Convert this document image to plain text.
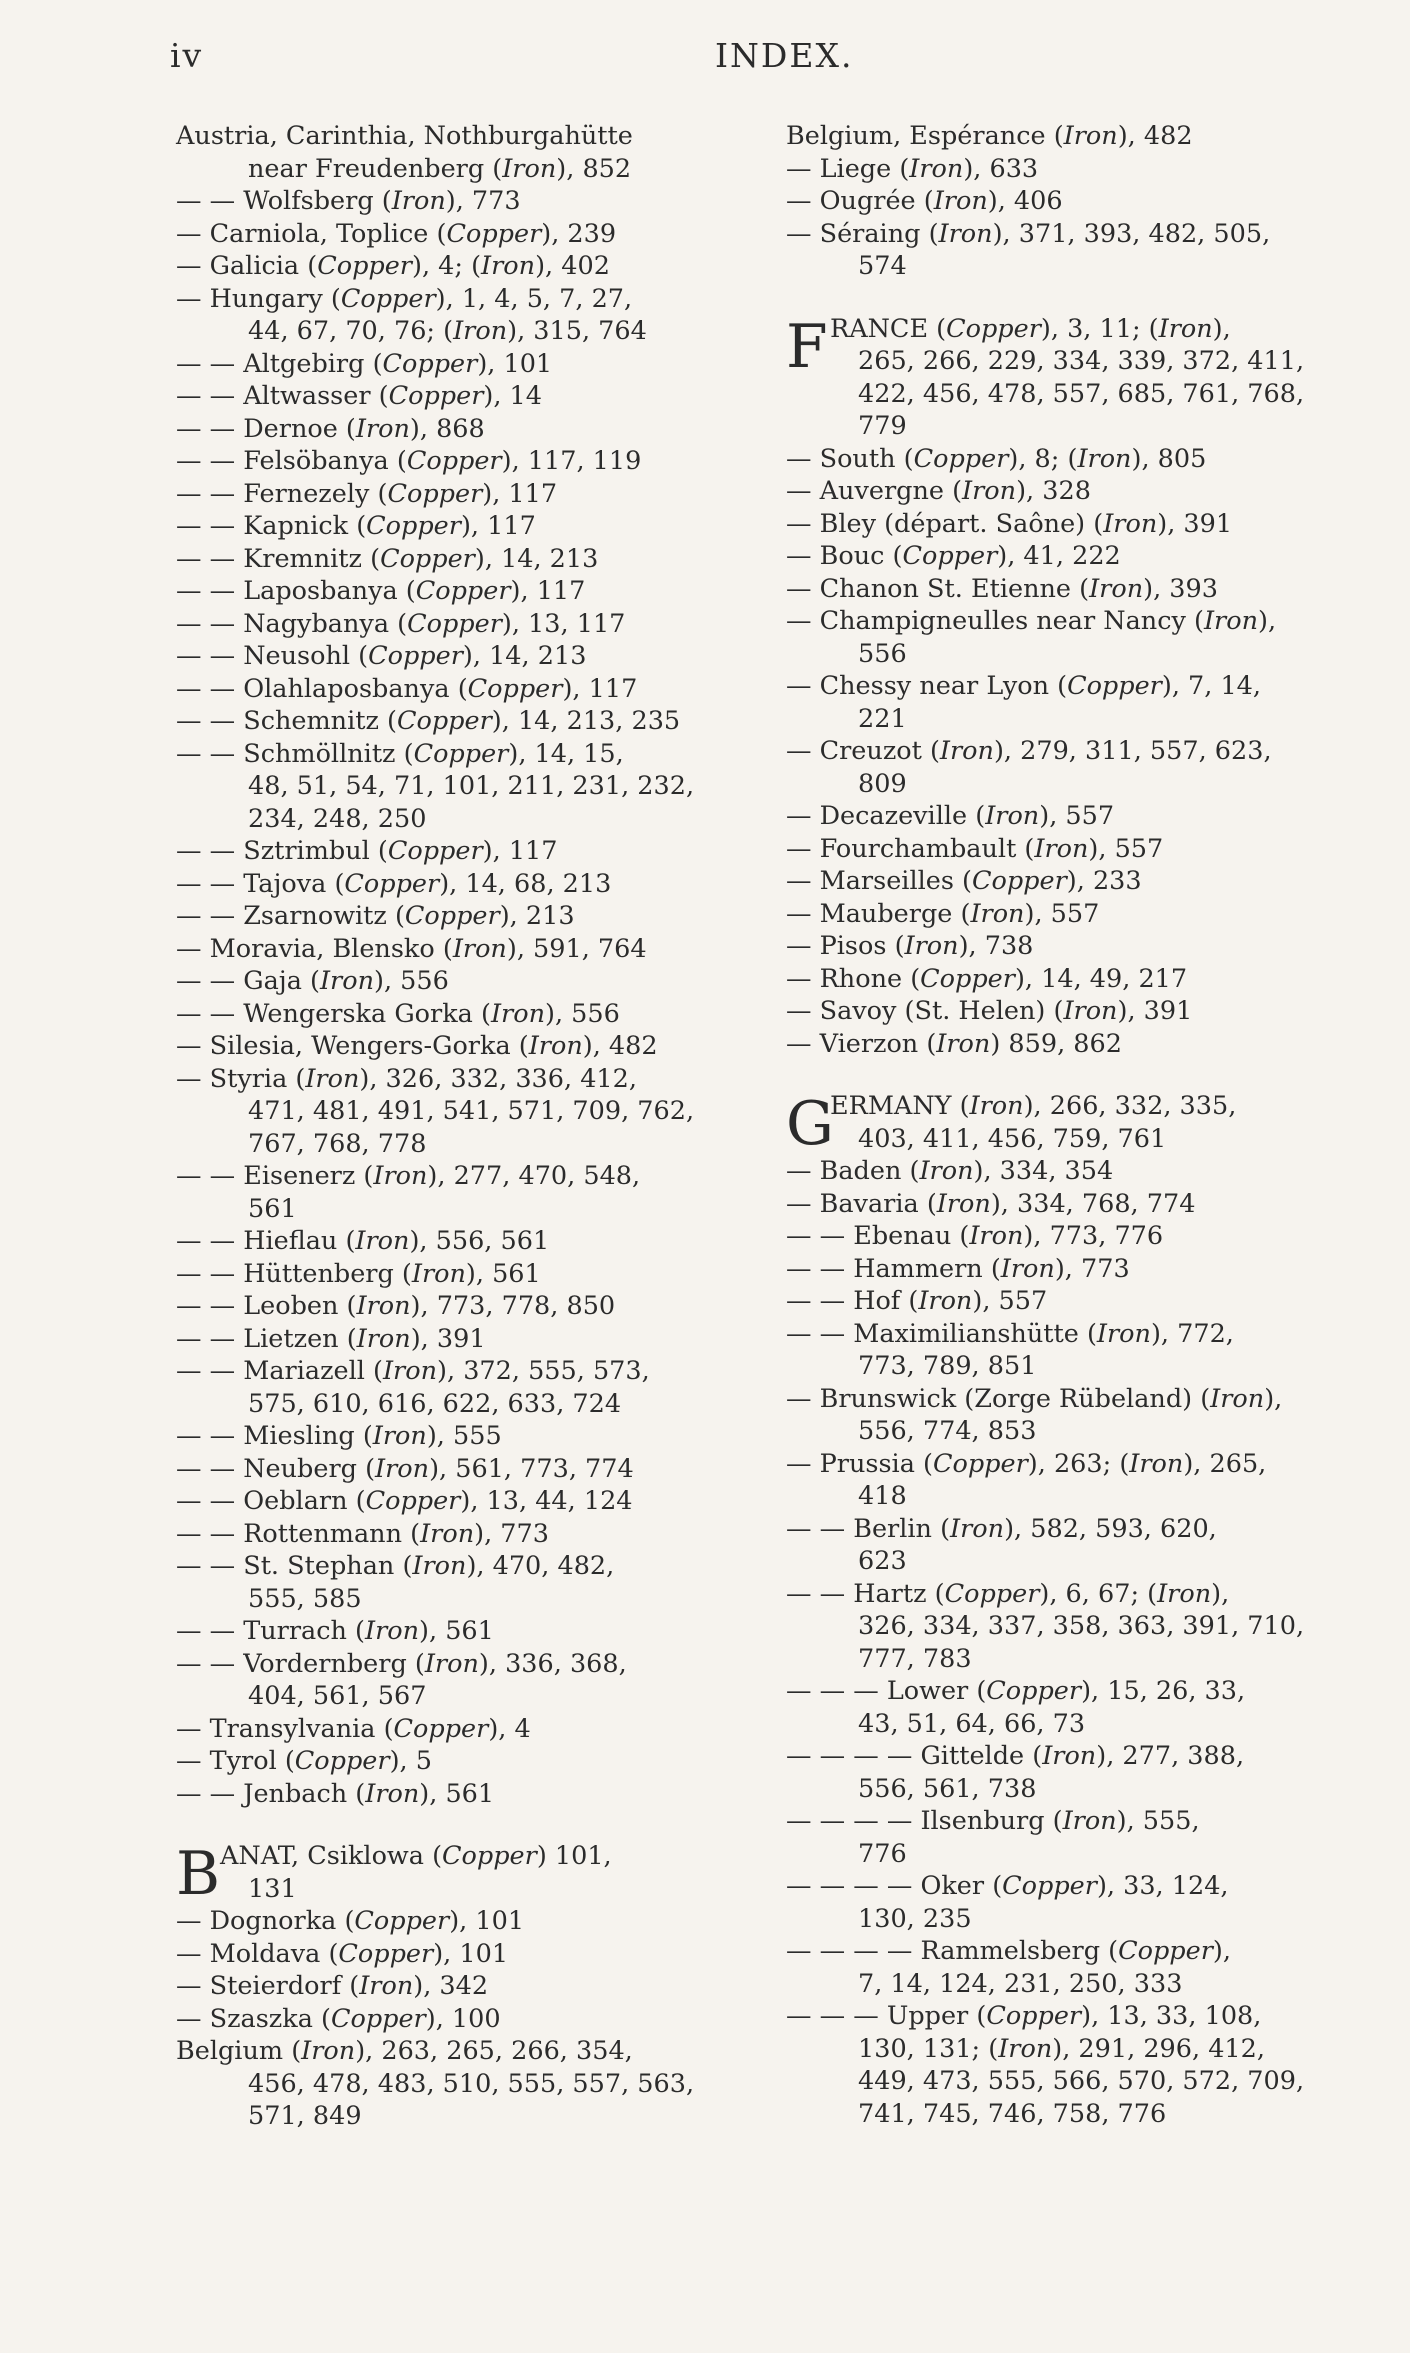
iv	INDEX.
Austria, Carinthia, Nothburgahütte
near Freudenberg (Iron), 852
— — Wolfsberg (Iron), 773
— Carniola, Toplice (Copper), 239
— Galicia (Copper), 4; (Iron), 402
— Hungary (Copper), 1, 4, 5, 7, 27,
44, 67, 70, 76; (Iron), 315, 764
— — Altgebirg (Copper), 101
— — Altwasser (Copper), 14
— — Dernoe (Iron), 868
— — Felsöbanya (Copper), 117, 119
— — Fernezely (Copper), 117
— — Kapnick (Copper), 117
— — Kremnitz (Copper), 14, 213
— — Laposbanya (Copper), 117
— — Nagybanya (Copper), 13, 117
— — Neusohl (Copper), 14, 213
— — Olahlaposbanya (Copper), 117
— — Schemnitz (Copper), 14, 213, 235
— — Schmöllnitz (Copper), 14, 15,
48, 51, 54, 71, 101, 211, 231, 232,
234, 248, 250
— — Sztrimbul (Copper), 117
— — Tajova (Copper), 14, 68, 213
— — Zsarnowitz (Copper), 213
— Moravia, Blensko (Iron), 591, 764
— — Gaja (Iron), 556
— — Wengerska Gorka (Iron), 556
— Silesia, Wengers-Gorka (Iron), 482
— Styria (Iron), 326, 332, 336, 412,
471, 481, 491, 541, 571, 709, 762,
767, 768, 778
— — Eisenerz (Iron), 277, 470, 548,
561
— — Hieflau (Iron), 556, 561
— — Hüttenberg (Iron), 561
— — Leoben (Iron), 773, 778, 850
— — Lietzen (Iron), 391
— — Mariazell (Iron), 372, 555, 573,
575, 610, 616, 622, 633, 724
— — Miesling (Iron), 555
— — Neuberg (Iron), 561, 773, 774
— — Oeblarn (Copper), 13, 44, 124
— — Rottenmann (Iron), 773
— — St. Stephan (Iron), 470, 482,
555, 585
— — Turrach (Iron), 561
— — Vordernberg (Iron), 336, 368,
404, 561, 567
— Transylvania (Copper), 4
— Tyrol (Copper), 5
— — Jenbach (Iron), 561
B ANAT, Csiklowa (Copper) 101,
131
— Dognorka (Copper), 101
— Moldava (Copper), 101
— Steierdorf (Iron), 342
— Szaszka (Copper), 100
Belgium (Iron), 263, 265, 266, 354,
456, 478, 483, 510, 555, 557, 563,
571, 849
Belgium, Espérance (Iron), 482
— Liege (Iron), 633
— Ougrée (Iron), 406
— Séraing (Iron), 371, 393, 482, 505,
574
F RANCE (Copper), 3, 11; (Iron),
265, 266, 229, 334, 339, 372, 411,
422, 456, 478, 557, 685, 761, 768,
779
— South (Copper), 8; (Iron), 805
— Auvergne (Iron), 328
— Bley (départ. Saône) (Iron), 391
— Bouc (Copper), 41, 222
— Chanon St. Etienne (Iron), 393
— Champigneulles near Nancy (Iron),
556
— Chessy near Lyon (Copper), 7, 14,
221
— Creuzot (Iron), 279, 311, 557, 623,
809
— Decazeville (Iron), 557
— Fourchambault (Iron), 557
— Marseilles (Copper), 233
— Mauberge (Iron), 557
— Pisos (Iron), 738
— Rhone (Copper), 14, 49, 217
— Savoy (St. Helen) (Iron), 391
— Vierzon (Iron) 859, 862
G
ERMANY (Iron), 266, 332, 335,
403, 411, 456, 759, 761
— Baden (Iron), 334, 354
— Bavaria (Iron), 334, 768, 774
— — Ebenau (Iron), 773, 776
— — Hammern (Iron), 773
— — Hof (Iron), 557
— — Maximilianshütte (Iron), 772,
773, 789, 851
— Brunswick (Zorge Rübeland) (Iron),
556, 774, 853
— Prussia (Copper), 263; (Iron), 265,
418
— — Berlin (Iron), 582, 593, 620,
623
— — Hartz (Copper), 6, 67; (Iron),
326, 334, 337, 358, 363, 391, 710,
777, 783
— — — Lower (Copper), 15, 26, 33,
43, 51, 64, 66, 73
— — — — Gittelde (Iron), 277, 388,
556, 561, 738
— — — — Ilsenburg (Iron), 555,
776
— — — — Oker (Copper), 33, 124,
130, 235
— — — — Rammelsberg (Copper),
7, 14, 124, 231, 250, 333
— — — Upper (Copper), 13, 33, 108,
130, 131; (Iron), 291, 296, 412,
449, 473, 555, 566, 570, 572, 709,
741, 745, 746, 758, 776
